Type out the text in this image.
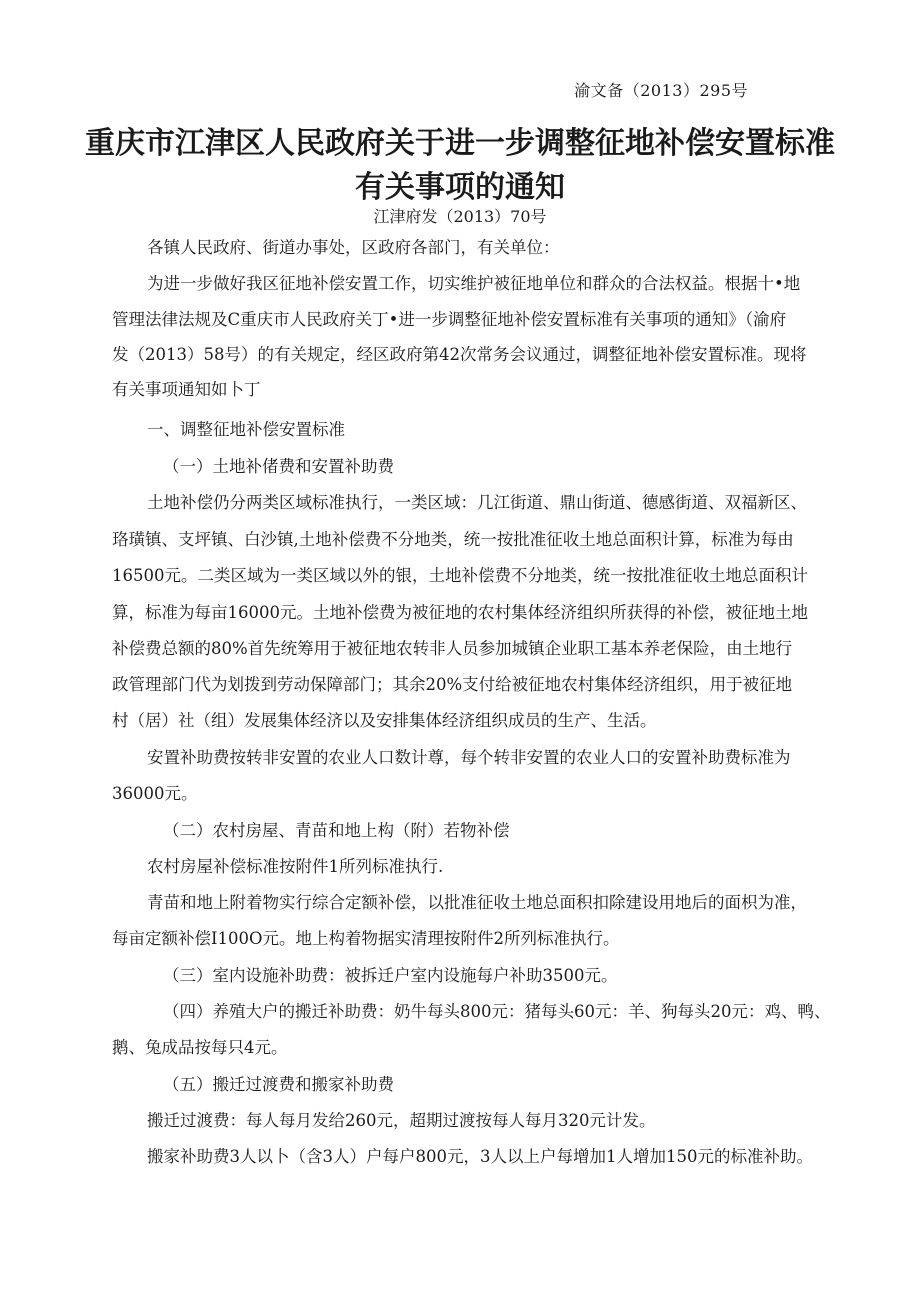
渝文备（2013）295号
重庆市江津区人民政府关于进一步调整征地补偿安置标准
有关事项的通知
江津府发（2013）70号
各镇人民政府、街道办事处，区政府各部门，有关单位：
为进一步做好我区征地补偿安置工作，切实维护被征地单位和群众的合法权益。根据十•地
管理法律法规及C重庆市人民政府关丁•进一步调整征地补偿安置标准有关事项的通知》（渝府
发（2013）58号）的有关规定，经区政府第42次常务会议通过，调整征地补偿安置标准。现将
有关事项通知如卜丁
一、调整征地补偿安置标准
（一）土地补偖费和安置补助费
土地补偿仍分两类区域标准执行，一类区域：几江街道、鼎山街道、德感街道、双福新区、
珞璜镇、支坪镇、白沙镇,土地补偿费不分地类，统一按批准征收土地总面积计算，标准为每由
16500元。二类区域为一类区域以外的银，土地补偿费不分地类，统一按批准征收土地总面积计
算，标准为每亩16000元。土地补偿费为被征地的农村集体经济组织所获得的补偿，被征地土地
补偿费总额的80%首先统筹用于被征地农转非人员参加城镇企业职工基本养老保险，由土地行
政管理部门代为划拨到劳动保障部门；其余20%支付给被征地农村集体经济组织，用于被征地
村（居）社（组）发展集体经济以及安排集体经济组织成员的生产、生活。
安置补助费按转非安置的农业人口数计尊，每个转非安置的农业人口的安置补助费标准为
36000元。
（二）农村房屋、青苗和地上构（附）若物补偿
农村房屋补偿标准按附件1所列标准执行.
青苗和地上附着物实行综合定额补偿，以批准征收土地总面积扣除建设用地后的面枳为准，
每亩定额补偿I100O元。地上构着物据实清理按附件2所列标准执行。
（三）室内设施补助费：被拆迁户室内设施每户补助3500元。
（四）养殖大户的搬迁补助费：奶牛每头800元：猪每头60元：羊、狗每头20元：鸡、鸭、
鹅、兔成品按每只4元。
（五）搬迁过渡费和搬家补助费
搬迁过渡费：每人每月发给260元，超期过渡按每人每月320元计发。
搬家补助费3人以卜（含3人）户每户800元，3人以上户每增加1人增加150元的标准补助。
